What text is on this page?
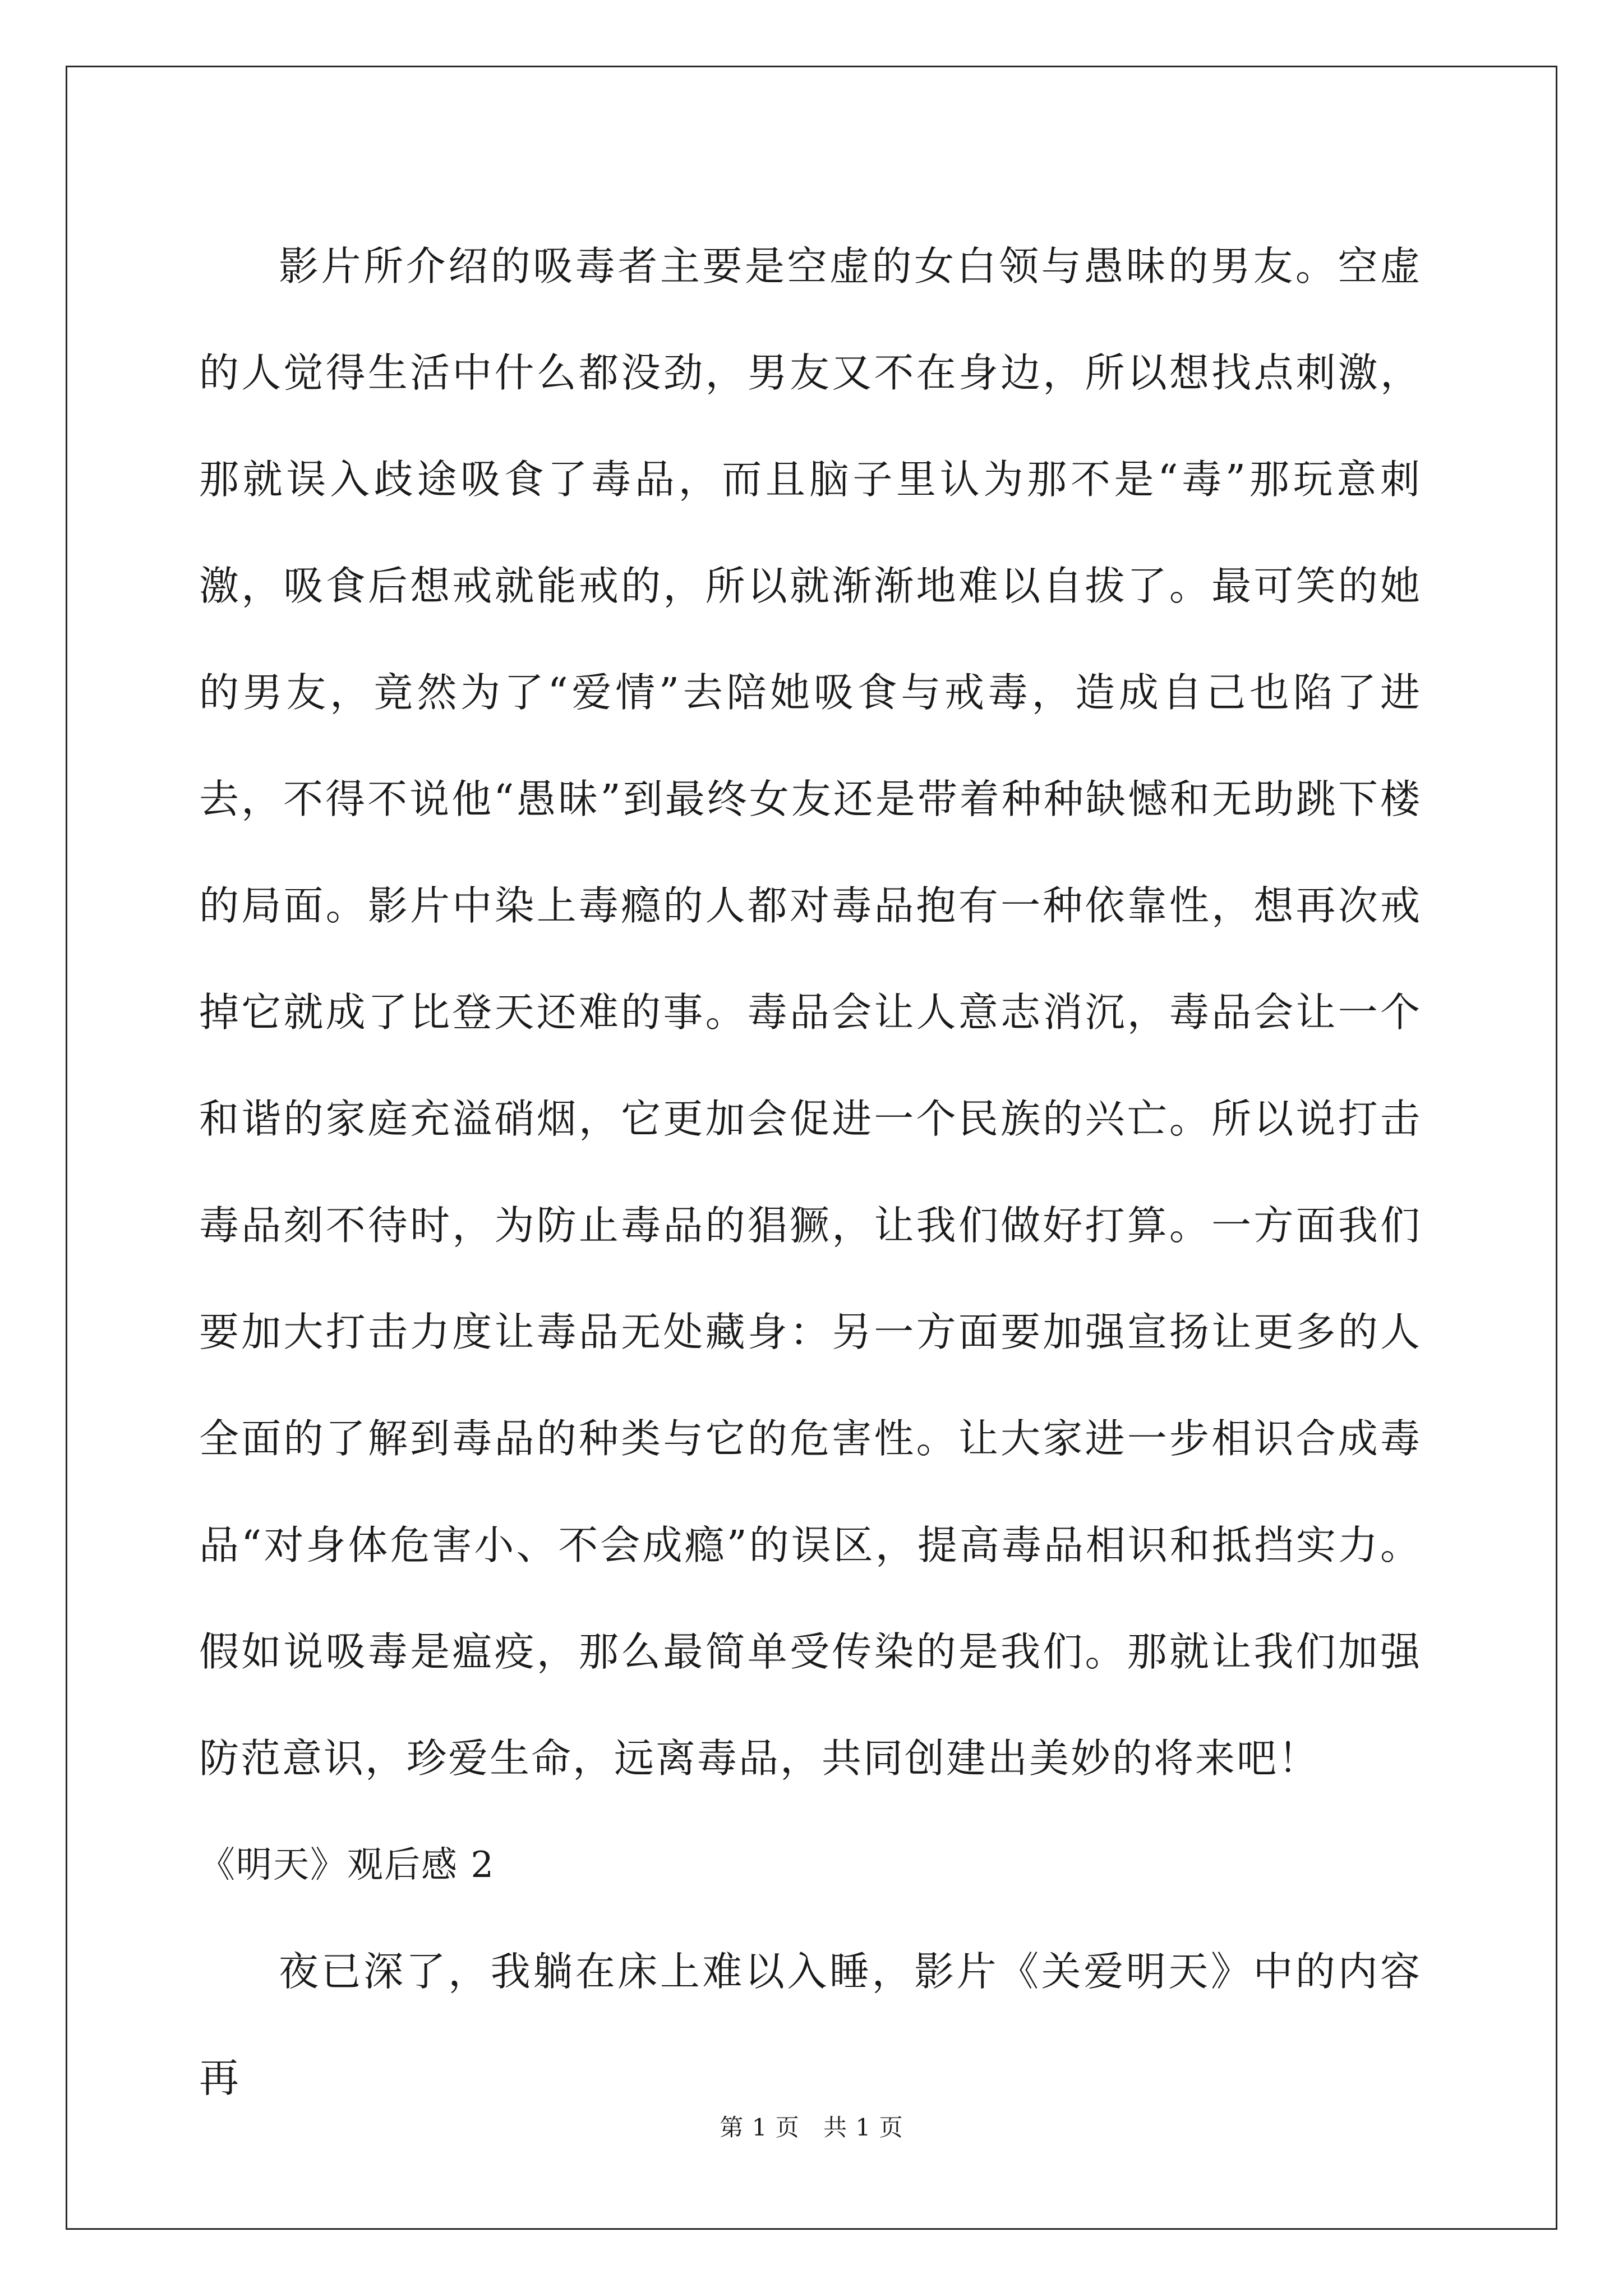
影片所介绍的吸毒者主要是空虚的女白领与愚昧的男友。空虚的人觉得生活中什么都没劲，男友又不在身边，所以想找点刺激，那就误入歧途吸食了毒品，而且脑子里认为那不是“毒”那玩意刺激，吸食后想戒就能戒的，所以就渐渐地难以自拔了。最可笑的她的男友，竟然为了“爱情”去陪她吸食与戒毒，造成自己也陷了进去，不得不说他“愚昧”到最终女友还是带着种种缺憾和无助跳下楼的局面。影片中染上毒瘾的人都对毒品抱有一种依靠性，想再次戒掉它就成了比登天还难的事。毒品会让人意志消沉，毒品会让一个和谐的家庭充溢硝烟，它更加会促进一个民族的兴亡。所以说打击毒品刻不待时，为防止毒品的猖獗，让我们做好打算。一方面我们要加大打击力度让毒品无处藏身：另一方面要加强宣扬让更多的人全面的了解到毒品的种类与它的危害性。让大家进一步相识合成毒品“对身体危害小、不会成瘾”的误区，提高毒品相识和抵挡实力。假如说吸毒是瘟疫，那么最简单受传染的是我们。那就让我们加强防范意识，珍爱生命，远离毒品，共同创建出美妙的将来吧！

《明天》观后感 2

夜已深了，我躺在床上难以入睡，影片《关爱明天》中的内容再

第 1 页 共 1 页
